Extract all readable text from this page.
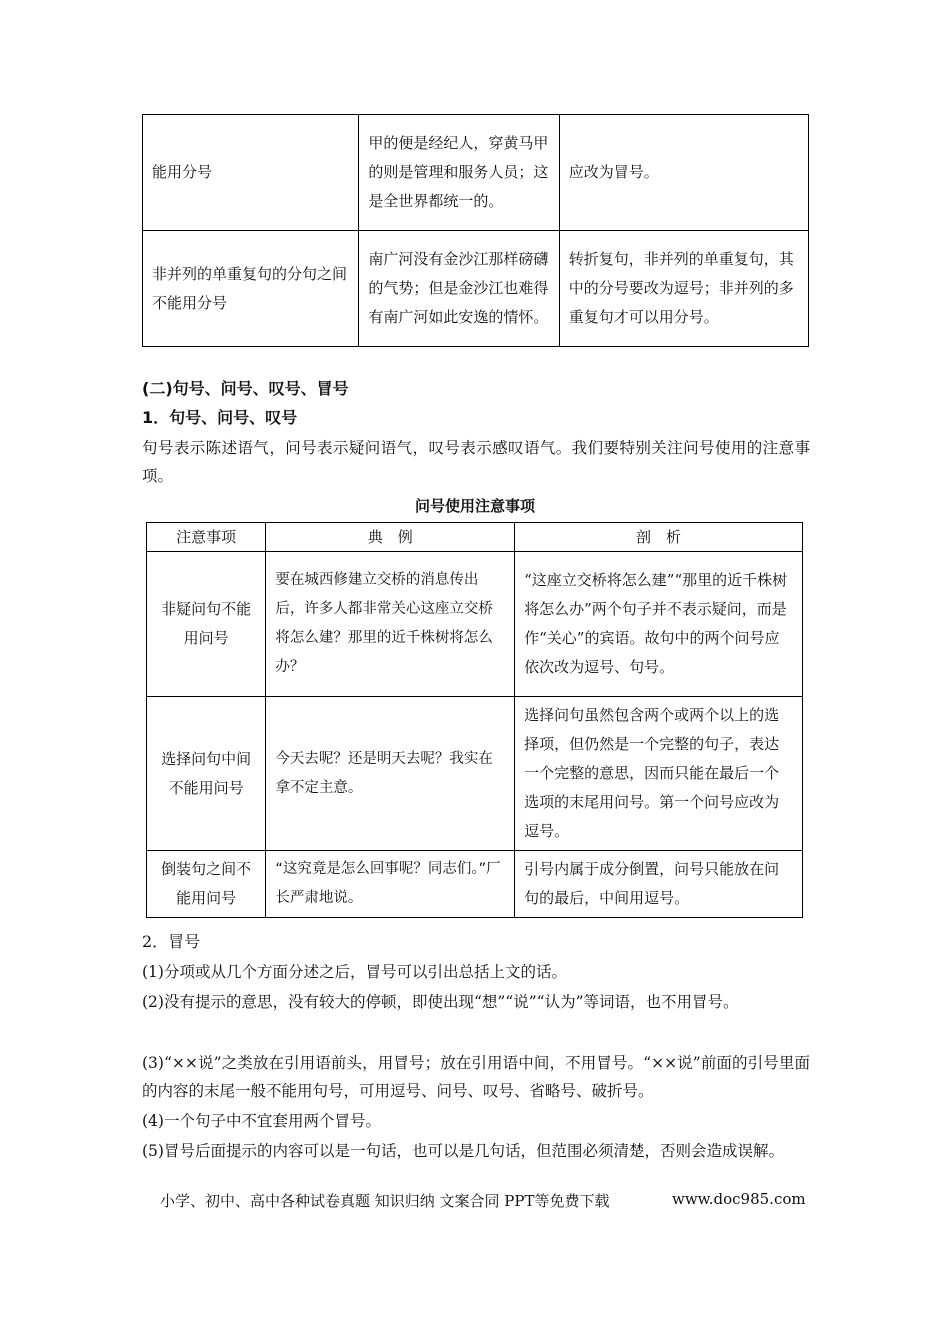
能用分号	甲的便是经纪人，穿黄马甲的则是管理和服务人员；这是全世界都统一的。	应改为冒号。
非并列的单重复句的分句之间不能用分号	南广河没有金沙江那样磅礴的气势；但是金沙江也难得有南广河如此安逸的情怀。	转折复句，非并列的单重复句，其中的分号要改为逗号；非并列的多重复句才可以用分号。
(二)句号、问号、叹号、冒号
1．句号、问号、叹号
句号表示陈述语气，问号表示疑问语气，叹号表示感叹语气。我们要特别关注问号使用的注意事项。
问号使用注意事项
注意事项	典　例	剖　析
非疑问句不能用问号	要在城西修建立交桥的消息传出后，许多人都非常关心这座立交桥将怎么建？那里的近千株树将怎么办？	“这座立交桥将怎么建”“那里的近千株树将怎么办”两个句子并不表示疑问，而是作“关心”的宾语。故句中的两个问号应依次改为逗号、句号。
选择问句中间不能用问号	今天去呢？还是明天去呢？我实在拿不定主意。	选择问句虽然包含两个或两个以上的选择项，但仍然是一个完整的句子，表达一个完整的意思，因而只能在最后一个选项的末尾用问号。第一个问号应改为逗号。
倒装句之间不能用问号	“这究竟是怎么回事呢？同志们。”厂长严肃地说。	引号内属于成分倒置，问号只能放在问句的最后，中间用逗号。
2．冒号
(1)分项或从几个方面分述之后，冒号可以引出总括上文的话。
(2)没有提示的意思，没有较大的停顿，即使出现“想”“说”“认为”等词语，也不用冒号。
(3)“××说”之类放在引用语前头，用冒号；放在引用语中间，不用冒号。“××说”前面的引号里面的内容的末尾一般不能用句号，可用逗号、问号、叹号、省略号、破折号。
(4)一个句子中不宜套用两个冒号。
(5)冒号后面提示的内容可以是一句话，也可以是几句话，但范围必须清楚，否则会造成误解。
小学、初中、高中各种试卷真题 知识归纳 文案合同 PPT等免费下载	www.doc985.com
